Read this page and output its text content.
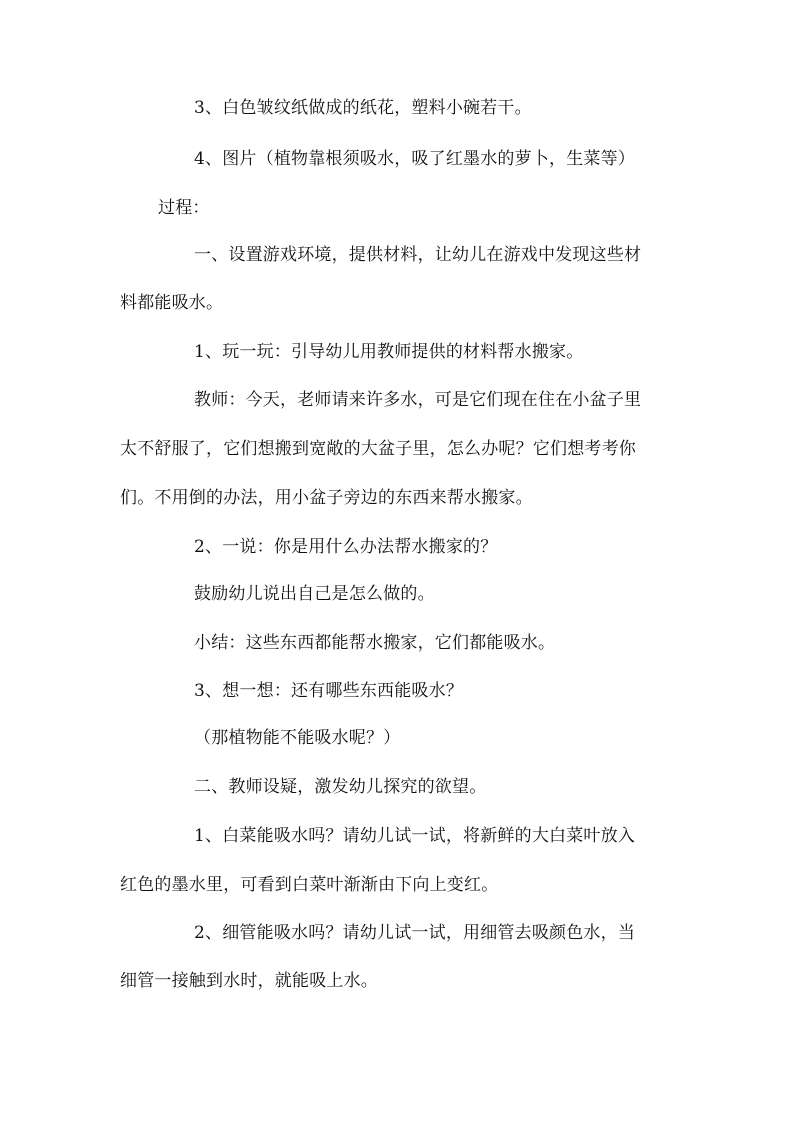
3、白色皱纹纸做成的纸花，塑料小碗若干。
4、图片（植物靠根须吸水，吸了红墨水的萝卜，生菜等）
过程：
一、设置游戏环境，提供材料，让幼儿在游戏中发现这些材
料都能吸水。
1、玩一玩：引导幼儿用教师提供的材料帮水搬家。
教师：今天，老师请来许多水，可是它们现在住在小盆子里
太不舒服了，它们想搬到宽敞的大盆子里，怎么办呢？它们想考考你
们。不用倒的办法，用小盆子旁边的东西来帮水搬家。
2、一说：你是用什么办法帮水搬家的？
鼓励幼儿说出自己是怎么做的。
小结：这些东西都能帮水搬家，它们都能吸水。
3、想一想：还有哪些东西能吸水？
（那植物能不能吸水呢？）
二、教师设疑，激发幼儿探究的欲望。
1、白菜能吸水吗？请幼儿试一试，将新鲜的大白菜叶放入
红色的墨水里，可看到白菜叶渐渐由下向上变红。
2、细管能吸水吗？请幼儿试一试，用细管去吸颜色水，当
细管一接触到水时，就能吸上水。
